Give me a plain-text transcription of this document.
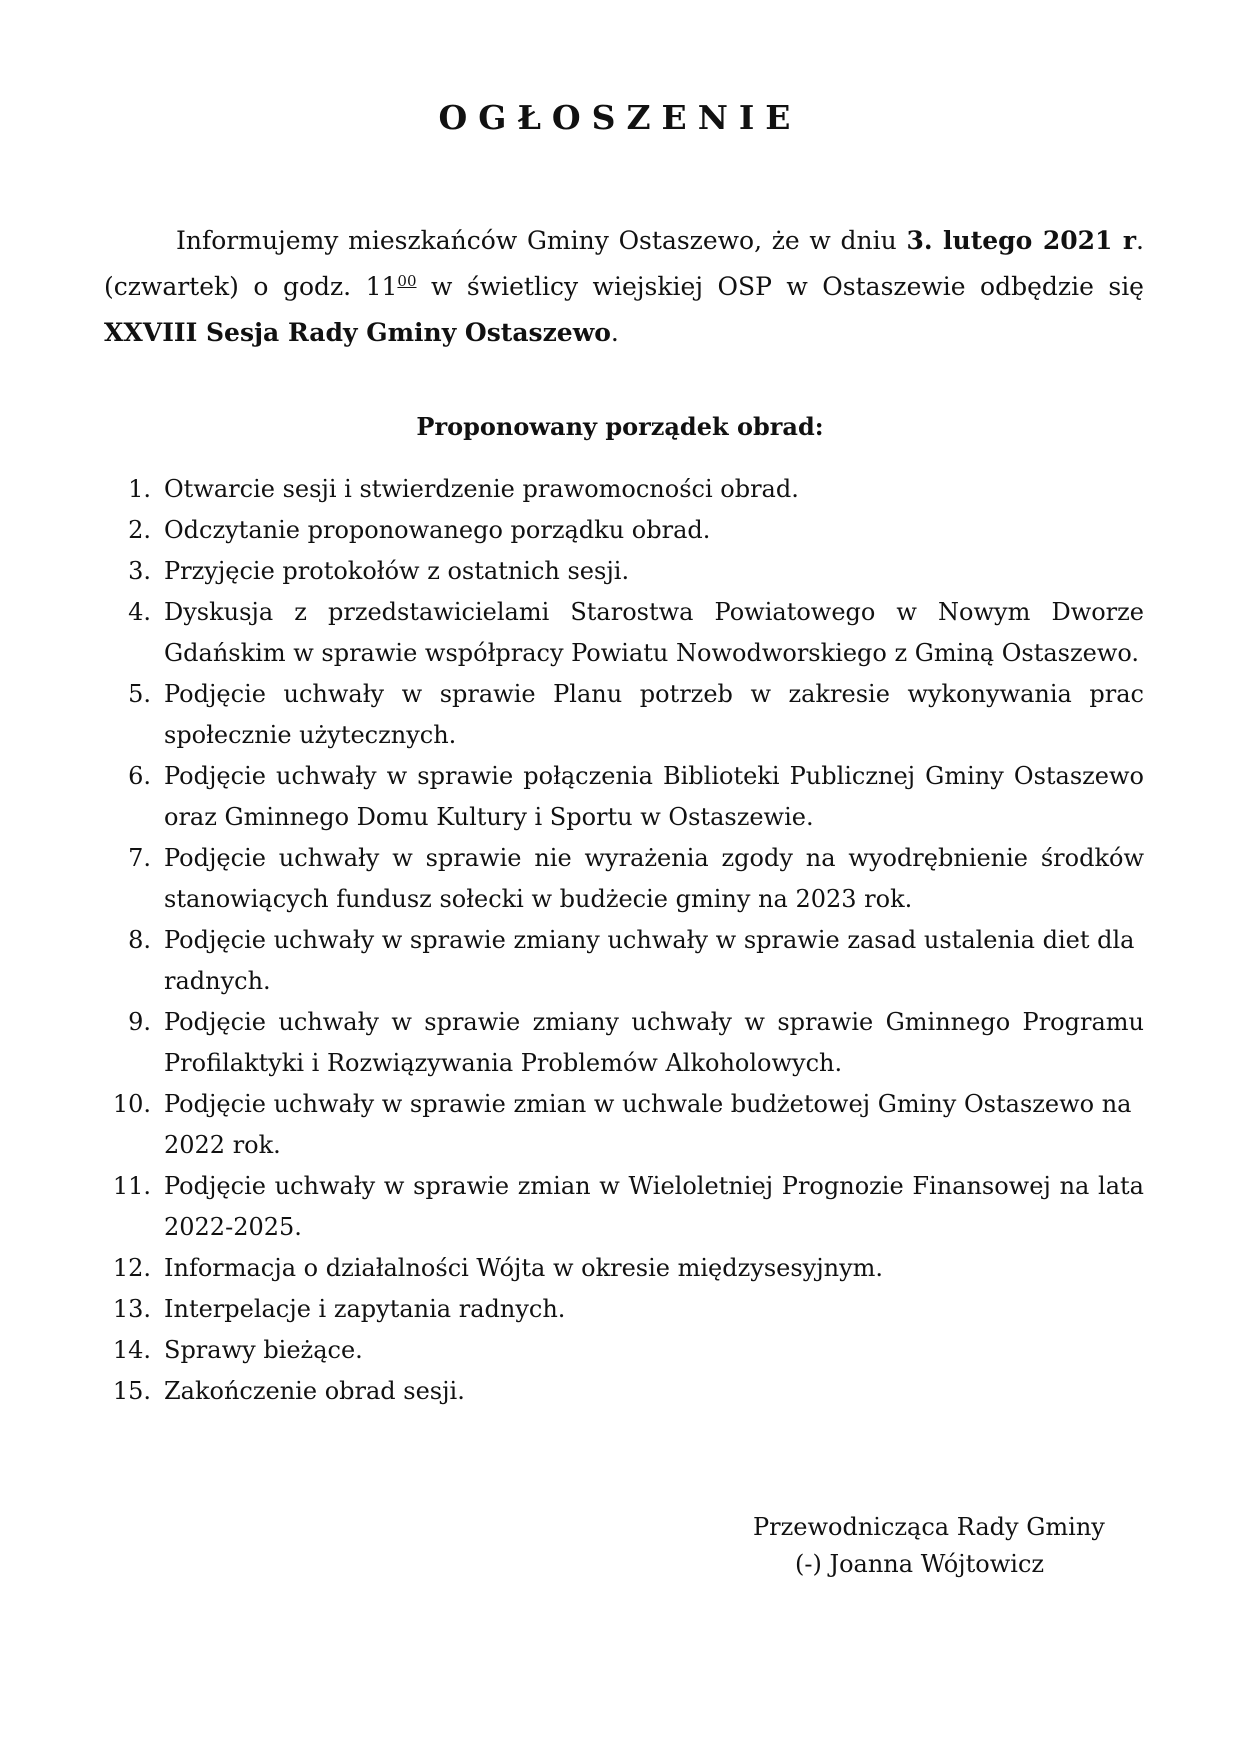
OGŁOSZENIE
Informujemy mieszkańców Gminy Ostaszewo, że w dniu 3. lutego 2021 r. (czwartek) o godz. $11^{00}$ w świetlicy wiejskiej OSP w Ostaszewie odbędzie się XXVIII Sesja Rady Gminy Ostaszewo.
Proponowany porządek obrad:
1. Otwarcie sesji i stwierdzenie prawomocności obrad.
2. Odczytanie proponowanego porządku obrad.
3. Przyjęcie protokołów z ostatnich sesji.
4. Dyskusja z przedstawicielami Starostwa Powiatowego w Nowym Dworze Gdańskim w sprawie współpracy Powiatu Nowodworskiego z Gminą Ostaszewo.
5. Podjęcie uchwały w sprawie Planu potrzeb w zakresie wykonywania prac społecznie użytecznych.
6. Podjęcie uchwały w sprawie połączenia Biblioteki Publicznej Gminy Ostaszewo oraz Gminnego Domu Kultury i Sportu w Ostaszewie.
7. Podjęcie uchwały w sprawie nie wyrażenia zgody na wyodrębnienie środków stanowiących fundusz sołecki w budżecie gminy na 2023 rok.
8. Podjęcie uchwały w sprawie zmiany uchwały w sprawie zasad ustalenia diet dla radnych.
9. Podjęcie uchwały w sprawie zmiany uchwały w sprawie Gminnego Programu Profilaktyki i Rozwiązywania Problemów Alkoholowych.
10. Podjęcie uchwały w sprawie zmian w uchwale budżetowej Gminy Ostaszewo na 2022 rok.
11. Podjęcie uchwały w sprawie zmian w Wieloletniej Prognozie Finansowej na lata 2022-2025.
12. Informacja o działalności Wójta w okresie międzysesyjnym.
13. Interpelacje i zapytania radnych.
14. Sprawy bieżące.
15. Zakończenie obrad sesji.
Przewodnicząca Rady Gminy
(-) Joanna Wójtowicz
